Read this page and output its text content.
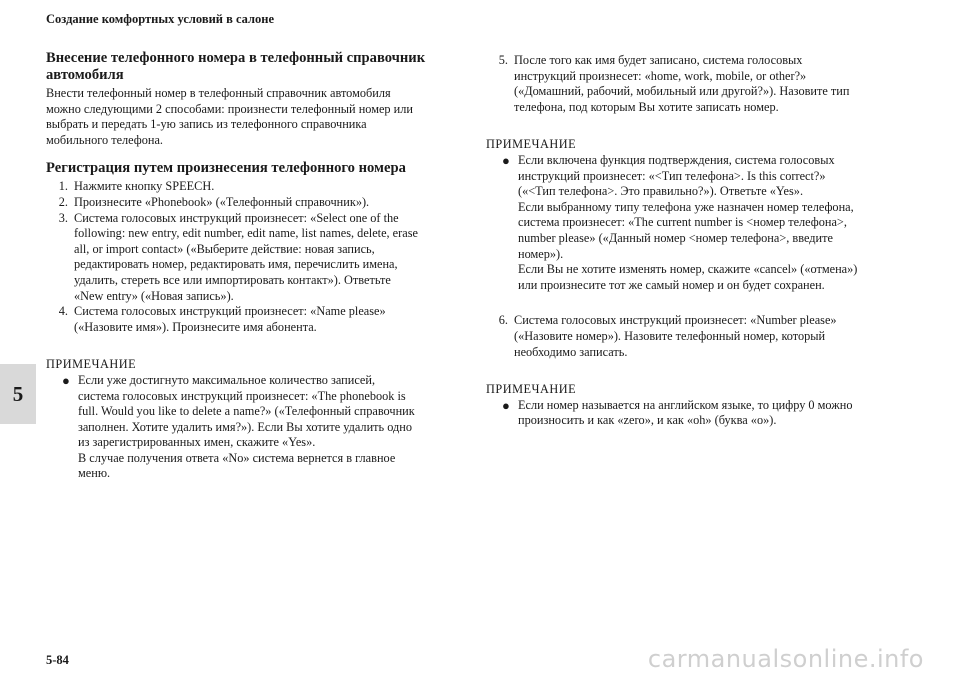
Создание комфортных условий в салоне
5
Внесение телефонного номера в телефонный справочник автомобиля
Внести телефонный номер в телефонный справочник автомобиля
можно следующими 2 способами: произнести телефонный номер или
выбрать и передать 1-ую запись из телефонного справочника
мобильного телефона.
Регистрация путем произнесения телефонного номера
1. Нажмите кнопку SPEECH.
2. Произнесите «Phonebook» («Телефонный справочник»).
3. Система голосовых инструкций произнесет: «Select one of the
following: new entry, edit number, edit name, list names, delete, erase
all, or import contact» («Выберите действие: новая запись,
редактировать номер, редактировать имя, перечислить имена,
удалить, стереть все или импортировать контакт»). Ответьте
«New entry» («Новая запись»).
4. Система голосовых инструкций произнесет: «Name please»
(«Назовите имя»). Произнесите имя абонента.
ПРИМЕЧАНИЕ
● Если уже достигнуто максимальное количество записей,
система голосовых инструкций произнесет: «The phonebook is
full. Would you like to delete a name?» («Телефонный справочник
заполнен. Хотите удалить имя?»). Если Вы хотите удалить одно
из зарегистрированных имен, скажите «Yes».
В случае получения ответа «No» система вернется в главное
меню.
5. После того как имя будет записано, система голосовых
инструкций произнесет: «home, work, mobile, or other?»
(«Домашний, рабочий, мобильный или другой?»). Назовите тип
телефона, под которым Вы хотите записать номер.
ПРИМЕЧАНИЕ
● Если включена функция подтверждения, система голосовых
инструкций произнесет: «<Тип телефона>. Is this correct?»
(«<Тип телефона>. Это правильно?»). Ответьте «Yes».
Если выбранному типу телефона уже назначен номер телефона,
система произнесет: «The current number is <номер телефона>,
number please» («Данный номер <номер телефона>, введите
номер»).
Если Вы не хотите изменять номер, скажите «cancel» («отмена»)
или произнесите тот же самый номер и он будет сохранен.
6. Система голосовых инструкций произнесет: «Number please»
(«Назовите номер»). Назовите телефонный номер, который
необходимо записать.
ПРИМЕЧАНИЕ
● Если номер называется на английском языке, то цифру 0 можно
произносить и как «zero», и как «oh» (буква «о»).
5-84	carmanualsonline.info
